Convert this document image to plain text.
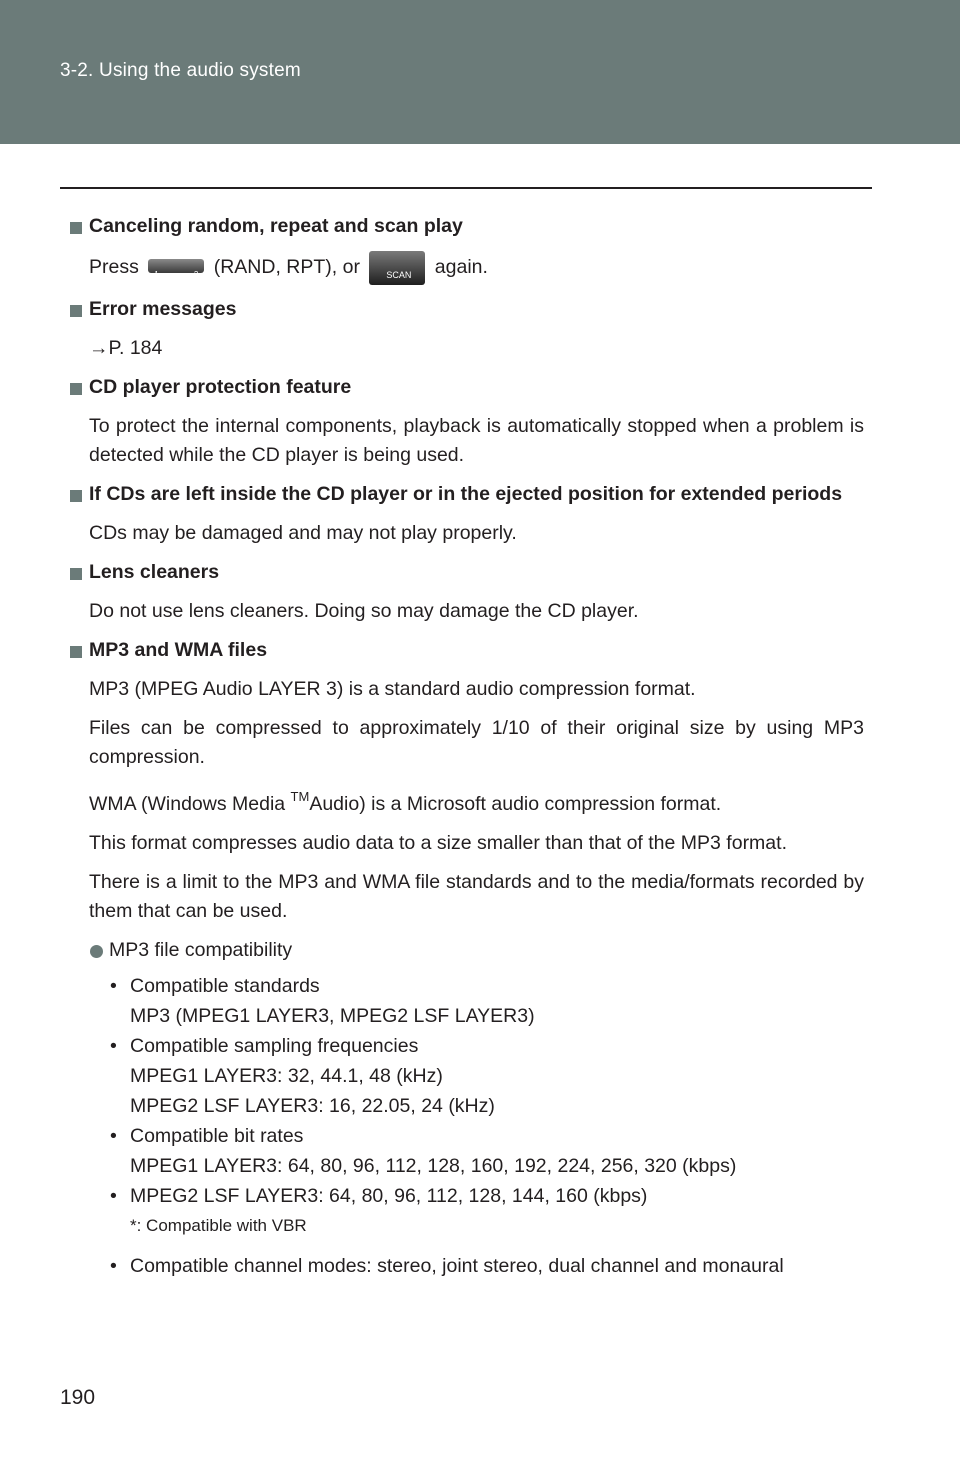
3-2. Using the audio system
Canceling random, repeat and scan play
Press 1	2 (RAND, RPT), or	SCAN again.
Error messages
→P. 184
CD player protection feature
To protect the internal components, playback is automatically stopped when a problem is detected while the CD player is being used.
If CDs are left inside the CD player or in the ejected position for extended periods
CDs may be damaged and may not play properly.
Lens cleaners
Do not use lens cleaners. Doing so may damage the CD player.
MP3 and WMA files
MP3 (MPEG Audio LAYER 3) is a standard audio compression format.
Files can be compressed to approximately 1/10 of their original size by using MP3 compression.
WMA (Windows Media ™Audio) is a Microsoft audio compression format.
This format compresses audio data to a size smaller than that of the MP3 format.
There is a limit to the MP3 and WMA file standards and to the media/formats recorded by them that can be used.
MP3 file compatibility
• Compatible standards
MP3 (MPEG1 LAYER3, MPEG2 LSF LAYER3)
• Compatible sampling frequencies
MPEG1 LAYER3: 32, 44.1, 48 (kHz)
MPEG2 LSF LAYER3: 16, 22.05, 24 (kHz)
• Compatible bit rates
MPEG1 LAYER3: 64, 80, 96, 112, 128, 160, 192, 224, 256, 320 (kbps)
• MPEG2 LSF LAYER3: 64, 80, 96, 112, 128, 144, 160 (kbps)
*: Compatible with VBR
• Compatible channel modes: stereo, joint stereo, dual channel and monaural
190
